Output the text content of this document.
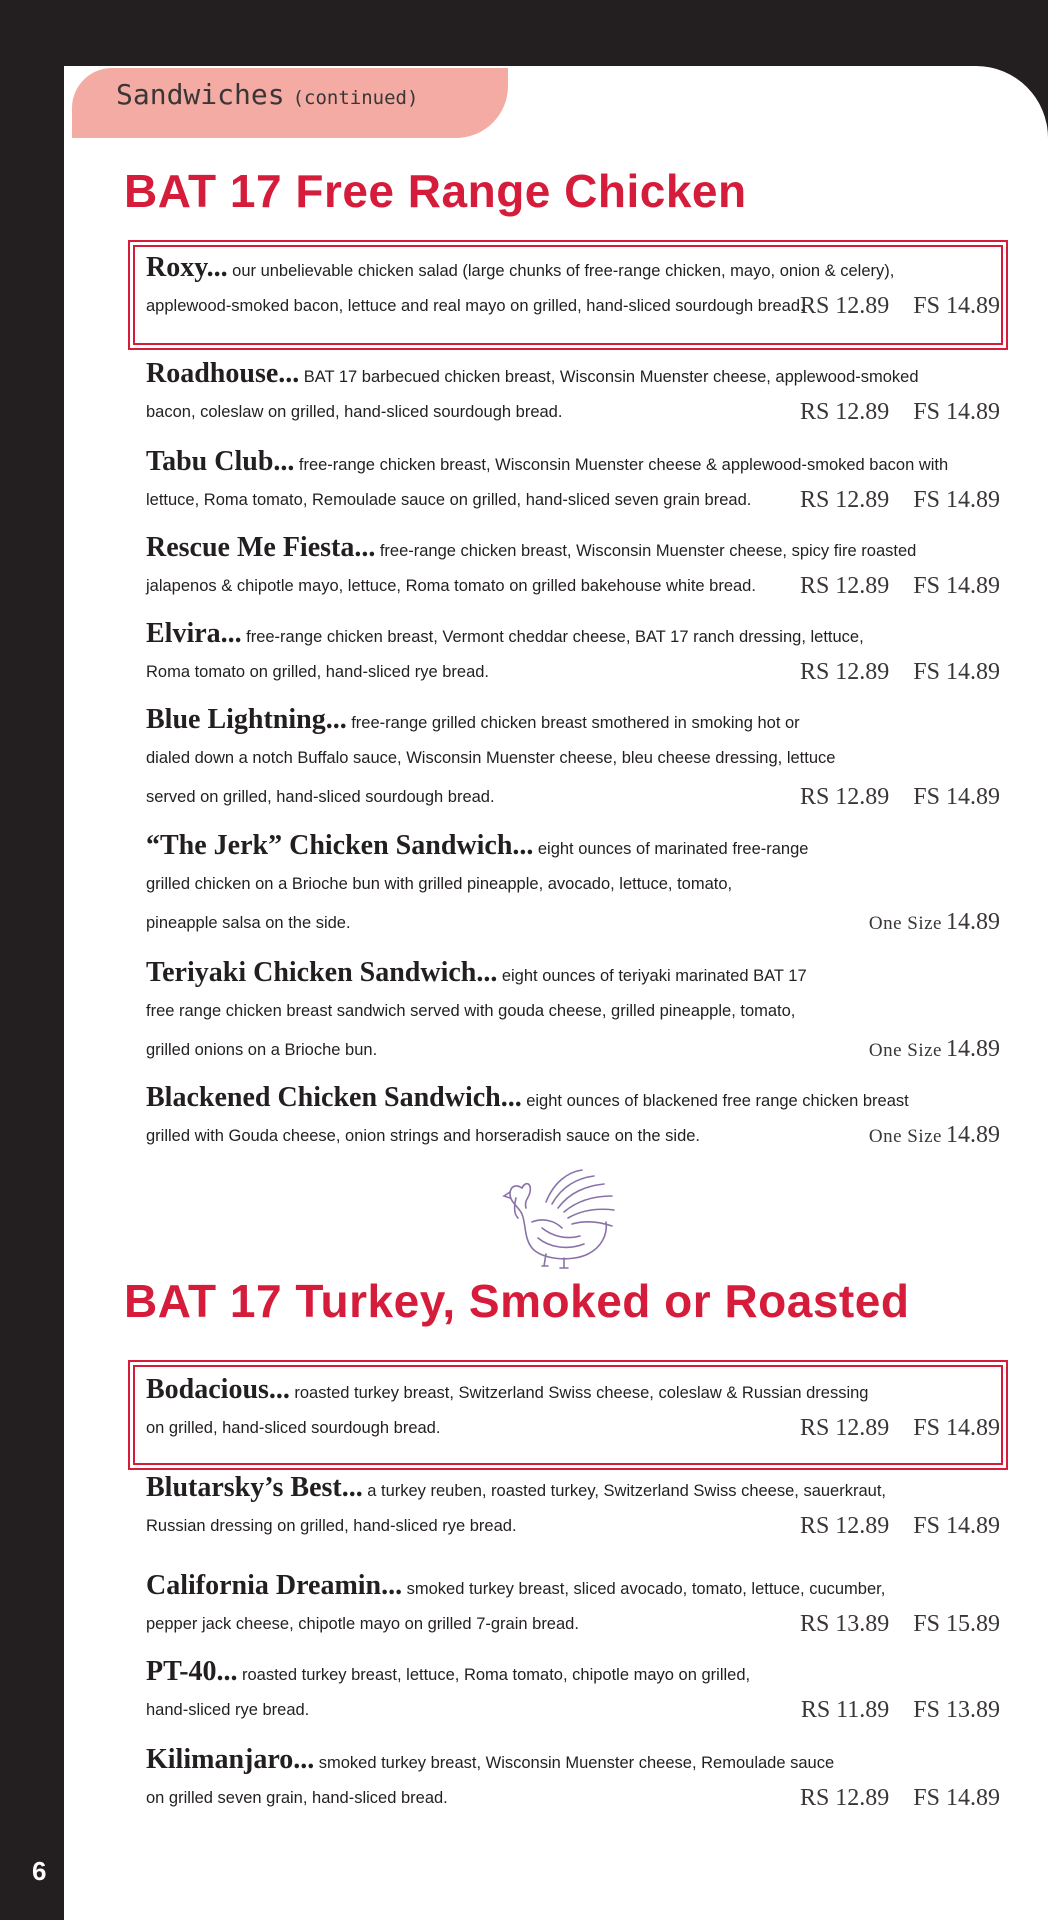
Sandwiches (continued)
BAT 17 Free Range Chicken
BAT 17 Turkey, Smoked or Roasted
Roxy... our unbelievable chicken salad (large chunks of free-range chicken, mayo, onion & celery),
applewood-smoked bacon, lettuce and real mayo on grilled, hand-sliced sourdough bread.
RS 12.89 FS 14.89
Roadhouse... BAT 17 barbecued chicken breast, Wisconsin Muenster cheese, applewood-smoked
bacon, coleslaw on grilled, hand-sliced sourdough bread.	RS 12.89 FS 14.89
Tabu Club... free-range chicken breast, Wisconsin Muenster cheese & applewood-smoked bacon with
lettuce, Roma tomato, Remoulade sauce on grilled, hand-sliced seven grain bread. RS 12.89 FS 14.89
Rescue Me Fiesta... free-range chicken breast, Wisconsin Muenster cheese, spicy fire roasted
jalapenos & chipotle mayo, lettuce, Roma tomato on grilled bakehouse white bread. RS 12.89 FS 14.89
Elvira... free-range chicken breast, Vermont cheddar cheese, BAT 17 ranch dressing, lettuce,
Roma tomato on grilled, hand-sliced rye bread.	RS 12.89 FS 14.89
Blue Lightning... free-range grilled chicken breast smothered in smoking hot or
dialed down a notch Buffalo sauce, Wisconsin Muenster cheese, bleu cheese dressing, lettuce
served on grilled, hand-sliced sourdough bread.	RS 12.89 FS 14.89
“The Jerk” Chicken Sandwich... eight ounces of marinated free-range
grilled chicken on a Brioche bun with grilled pineapple, avocado, lettuce, tomato,
pineapple salsa on the side.	One Size 14.89
Teriyaki Chicken Sandwich... eight ounces of teriyaki marinated BAT 17
free range chicken breast sandwich served with gouda cheese, grilled pineapple, tomato,
grilled onions on a Brioche bun.	One Size 14.89
Blackened Chicken Sandwich... eight ounces of blackened free range chicken breast
grilled with Gouda cheese, onion strings and horseradish sauce on the side.	One Size 14.89
Bodacious... roasted turkey breast, Switzerland Swiss cheese, coleslaw & Russian dressing
on grilled, hand-sliced sourdough bread.	RS 12.89 FS 14.89
Blutarsky’s Best... a turkey reuben, roasted turkey, Switzerland Swiss cheese, sauerkraut,
Russian dressing on grilled, hand-sliced rye bread.	RS 12.89 FS 14.89
California Dreamin... smoked turkey breast, sliced avocado, tomato, lettuce, cucumber,
pepper jack cheese, chipotle mayo on grilled 7-grain bread.	RS 13.89 FS 15.89
PT-40... roasted turkey breast, lettuce, Roma tomato, chipotle mayo on grilled,
hand-sliced rye bread.	RS 11.89 FS 13.89
Kilimanjaro... smoked turkey breast, Wisconsin Muenster cheese, Remoulade sauce
on grilled seven grain, hand-sliced bread.	RS 12.89 FS 14.89
6
